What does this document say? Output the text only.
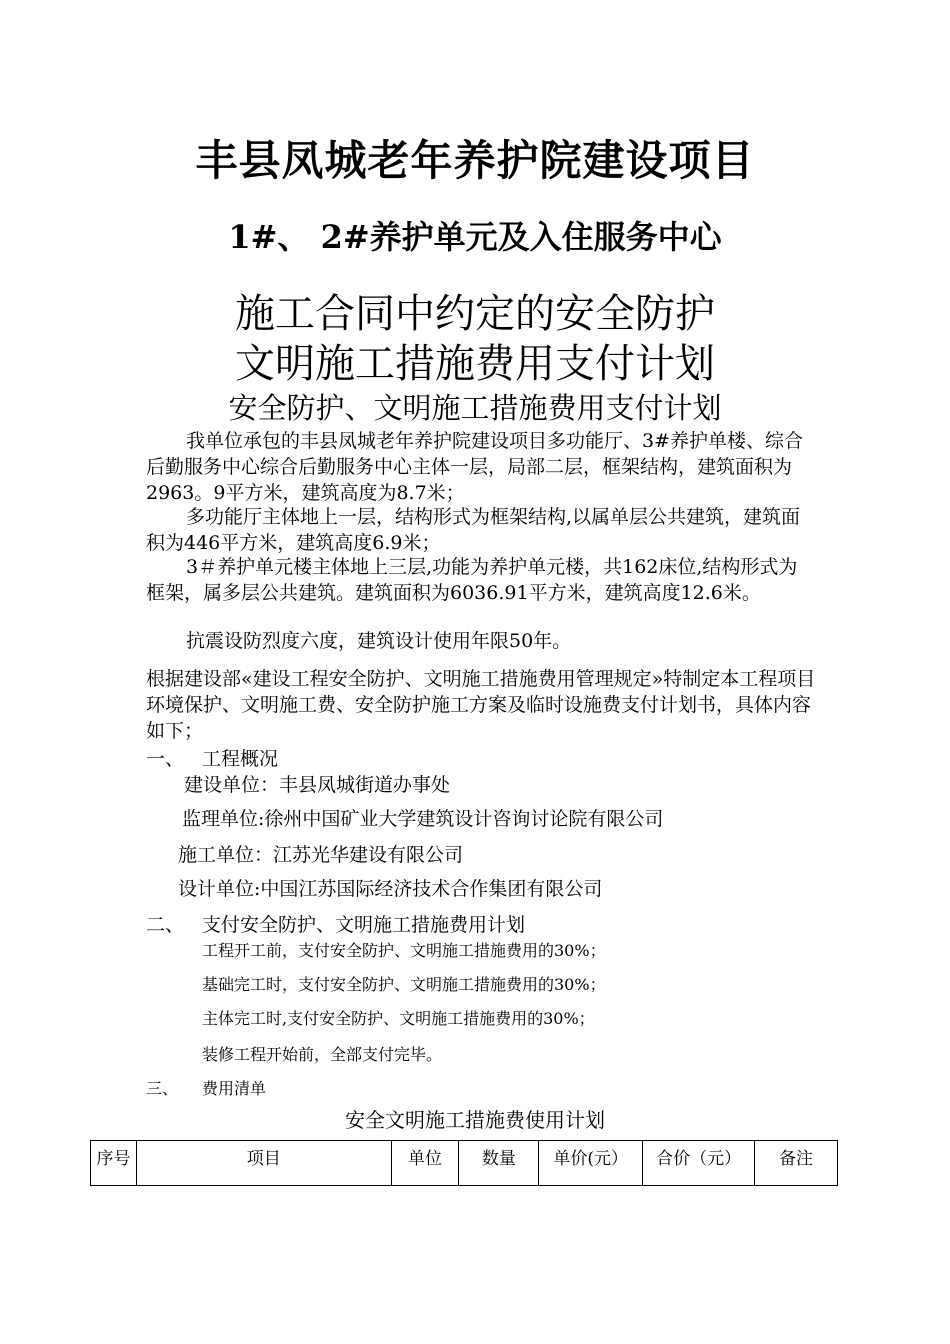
丰县凤城老年养护院建设项目
1#、 2#养护单元及入住服务中心
施工合同中约定的安全防护
文明施工措施费用支付计划
安全防护、文明施工措施费用支付计划
我单位承包的丰县凤城老年养护院建设项目多功能厅、3#养护单楼、综合后勤服务中心综合后勤服务中心主体一层，局部二层，框架结构，建筑面积为2963。9平方米，建筑高度为8.7米；
多功能厅主体地上一层，结构形式为框架结构,以属单层公共建筑，建筑面积为446平方米，建筑高度6.9米；
3＃养护单元楼主体地上三层,功能为养护单元楼，共162床位,结构形式为框架，属多层公共建筑。建筑面积为6036.91平方米，建筑高度12.6米。
抗震设防烈度六度，建筑设计使用年限50年。
根据建设部«建设工程安全防护、文明施工措施费用管理规定»特制定本工程项目环境保护、文明施工费、安全防护施工方案及临时设施费支付计划书，具体内容如下；
一、 工程概况
建设单位：丰县凤城街道办事处
监理单位:徐州中国矿业大学建筑设计咨询讨论院有限公司
施工单位：江苏光华建设有限公司
设计单位:中国江苏国际经济技术合作集团有限公司
二、 支付安全防护、文明施工措施费用计划
工程开工前，支付安全防护、文明施工措施费用的30%；
基础完工时，支付安全防护、文明施工措施费用的30%；
主体完工时,支付安全防护、文明施工措施费用的30%；
装修工程开始前，全部支付完毕。
三、 费用清单
安全文明施工措施费使用计划
序号	项目	单位	数量	单价(元）	合价（元）	备注
